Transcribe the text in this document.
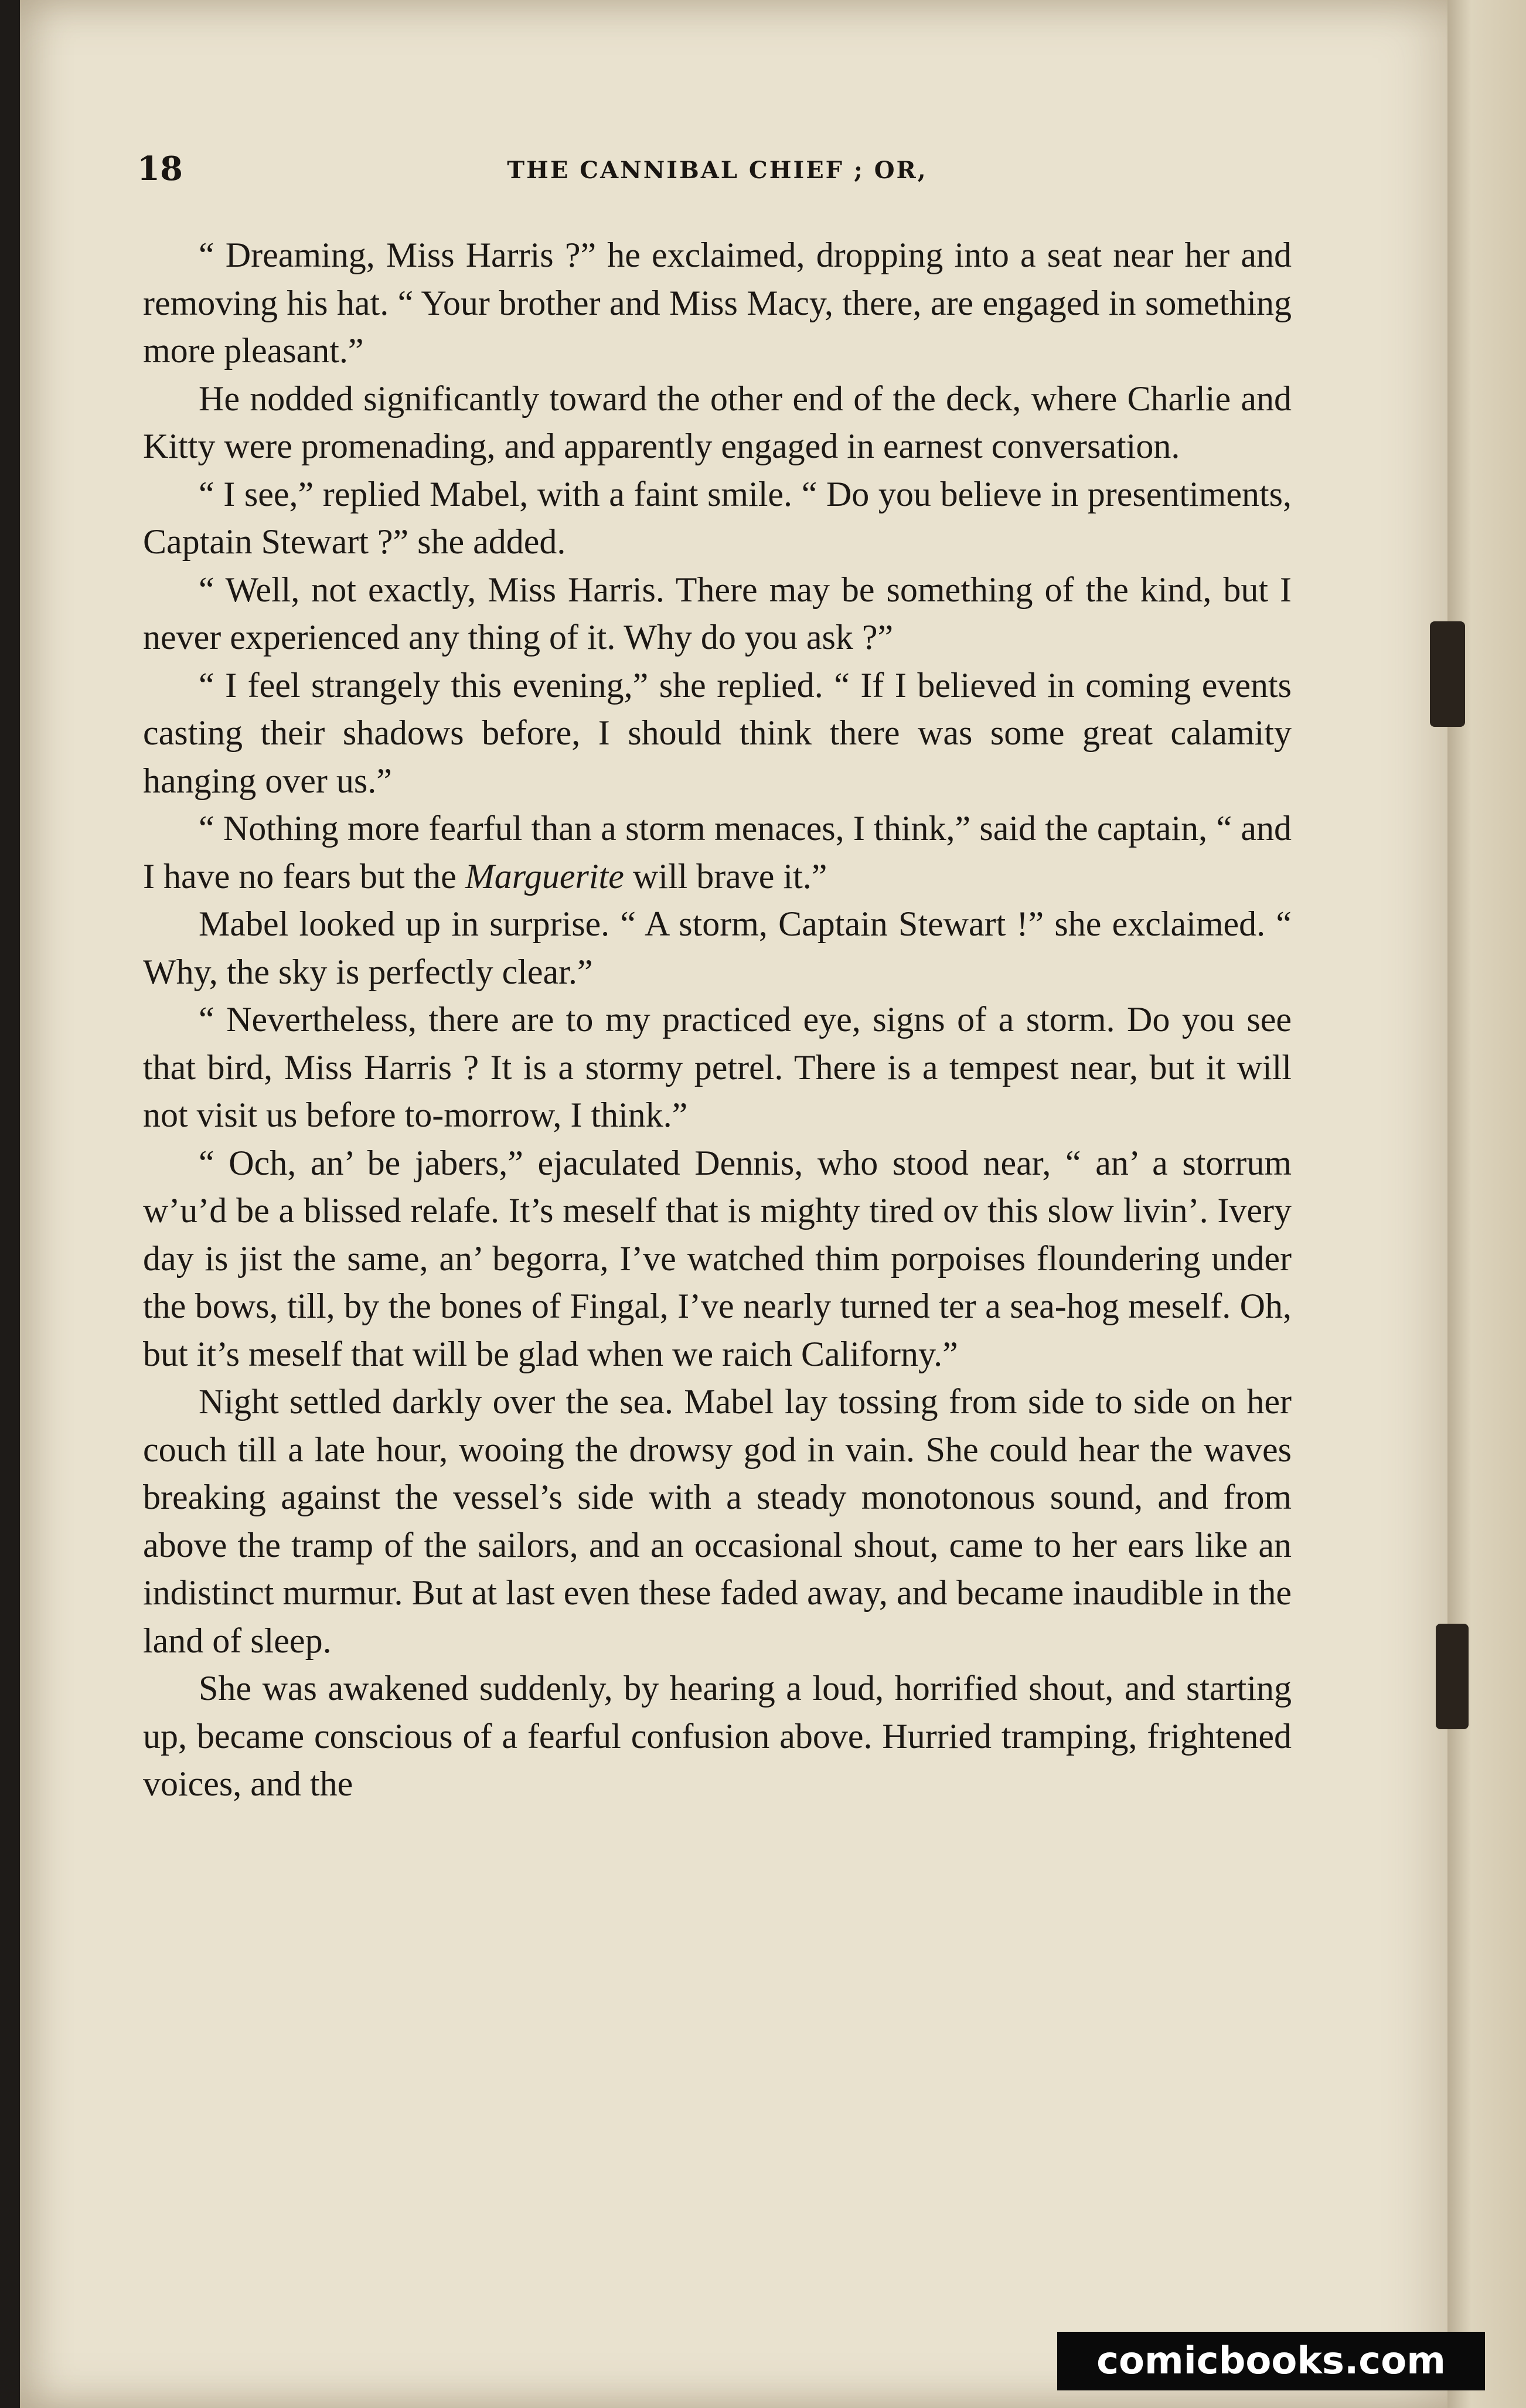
18	THE CANNIBAL CHIEF ; OR,

“ Dreaming, Miss Harris ?” he exclaimed, dropping into a seat near her and removing his hat. “ Your brother and Miss Macy, there, are engaged in something more pleasant.”

He nodded significantly toward the other end of the deck, where Charlie and Kitty were promenading, and apparently engaged in earnest conversation.

“ I see,” replied Mabel, with a faint smile. “ Do you believe in presentiments, Captain Stewart ?” she added.

“ Well, not exactly, Miss Harris. There may be something of the kind, but I never experienced any thing of it. Why do you ask ?”

“ I feel strangely this evening,” she replied. “ If I believed in coming events casting their shadows before, I should think there was some great calamity hanging over us.”

“ Nothing more fearful than a storm menaces, I think,” said the captain, “ and I have no fears but the Marguerite will brave it.”

Mabel looked up in surprise. “ A storm, Captain Stewart !” she exclaimed. “ Why, the sky is perfectly clear.”

“ Nevertheless, there are to my practiced eye, signs of a storm. Do you see that bird, Miss Harris ? It is a stormy petrel. There is a tempest near, but it will not visit us before to-morrow, I think.”

“ Och, an’ be jabers,” ejaculated Dennis, who stood near, “ an’ a storrum w’u’d be a blissed relafe. It’s meself that is mighty tired ov this slow livin’. Ivery day is jist the same, an’ begorra, I’ve watched thim porpoises floundering under the bows, till, by the bones of Fingal, I’ve nearly turned ter a sea-hog meself. Oh, but it’s meself that will be glad when we raich Californy.”

Night settled darkly over the sea. Mabel lay tossing from side to side on her couch till a late hour, wooing the drowsy god in vain. She could hear the waves breaking against the vessel’s side with a steady monotonous sound, and from above the tramp of the sailors, and an occasional shout, came to her ears like an indistinct murmur. But at last even these faded away, and became inaudible in the land of sleep.

She was awakened suddenly, by hearing a loud, horrified shout, and starting up, became conscious of a fearful confusion above. Hurried tramping, frightened voices, and the

comicbooks.com
